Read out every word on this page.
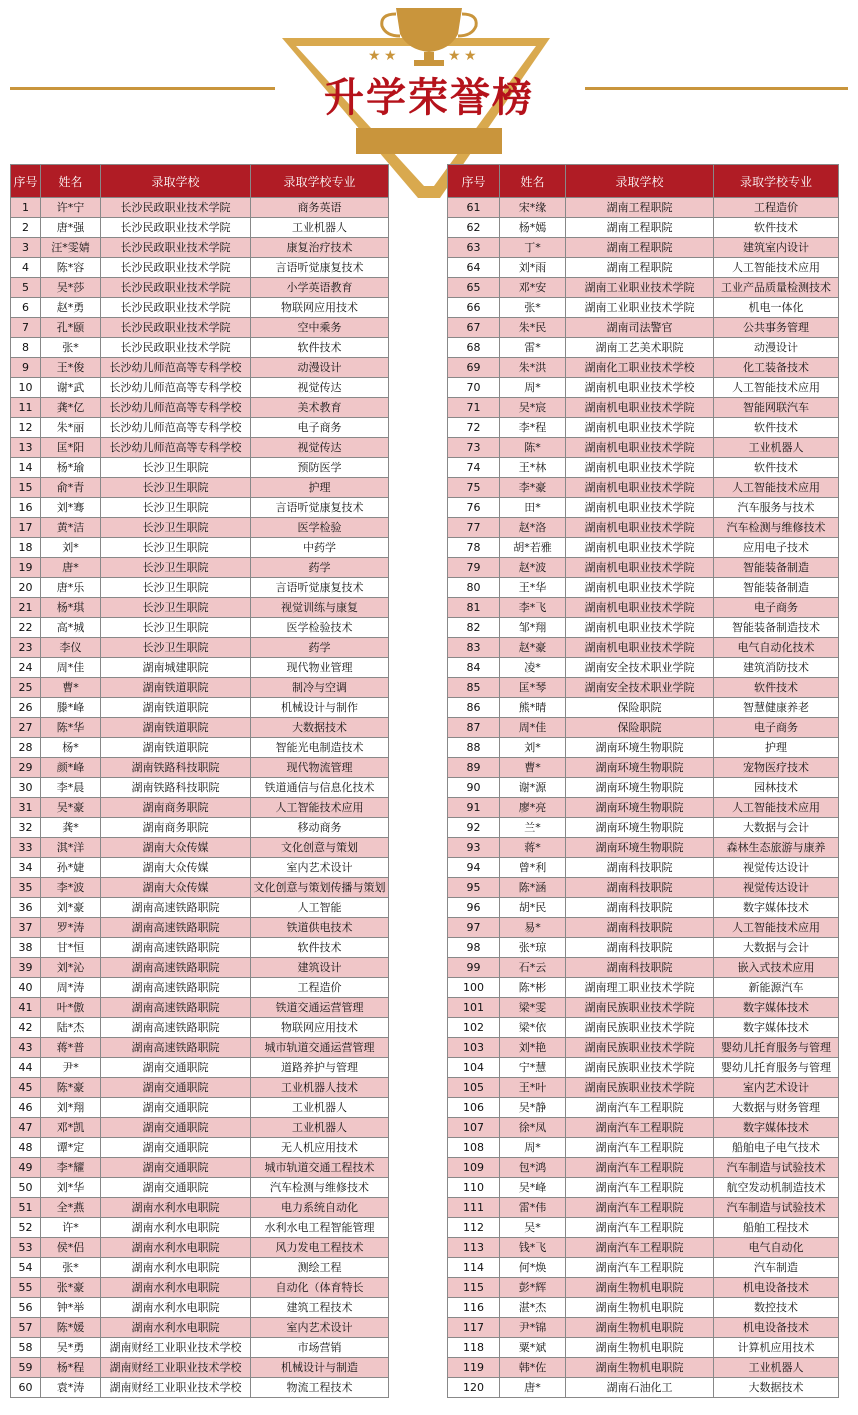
★ ★	★ ★
升学荣誉榜
序号	姓名	录取学校	录取学校专业
1	许*宁	长沙民政职业技术学院	商务英语
2	唐*强	长沙民政职业技术学院	工业机器人
3	汪*雯婧	长沙民政职业技术学院	康复治疗技术
4	陈*容	长沙民政职业技术学院	言语听觉康复技术
5	吴*莎	长沙民政职业技术学院	小学英语教育
6	赵*勇	长沙民政职业技术学院	物联网应用技术
7	孔*颐	长沙民政职业技术学院	空中乘务
8	张*	长沙民政职业技术学院	软件技术
9	王*俊	长沙幼儿师范高等专科学校	动漫设计
10	谢*武	长沙幼儿师范高等专科学校	视觉传达
11	龚*亿	长沙幼儿师范高等专科学校	美术教育
12	朱*丽	长沙幼儿师范高等专科学校	电子商务
13	匡*阳	长沙幼儿师范高等专科学校	视觉传达
14	杨*瑜	长沙卫生职院	预防医学
15	俞*青	长沙卫生职院	护理
16	刘*骞	长沙卫生职院	言语听觉康复技术
17	黄*洁	长沙卫生职院	医学检验
18	刘*	长沙卫生职院	中药学
19	唐*	长沙卫生职院	药学
20	唐*乐	长沙卫生职院	言语听觉康复技术
21	杨*琪	长沙卫生职院	视觉训练与康复
22	高*城	长沙卫生职院	医学检验技术
23	李仪	长沙卫生职院	药学
24	周*佳	湖南城建职院	现代物业管理
25	曹*	湖南铁道职院	制冷与空调
26	滕*峰	湖南铁道职院	机械设计与制作
27	陈*华	湖南铁道职院	大数据技术
28	杨*	湖南铁道职院	智能光电制造技术
29	颜*峰	湖南铁路科技职院	现代物流管理
30	李*晨	湖南铁路科技职院	铁道通信与信息化技术
31	吴*豪	湖南商务职院	人工智能技术应用
32	龚*	湖南商务职院	移动商务
33	淇*洋	湖南大众传媒	文化创意与策划
34	孙*婕	湖南大众传媒	室内艺术设计
35	李*波	湖南大众传媒	文化创意与策划传播与策划
36	刘*豪	湖南高速铁路职院	人工智能
37	罗*涛	湖南高速铁路职院	铁道供电技术
38	甘*恒	湖南高速铁路职院	软件技术
39	刘*沁	湖南高速铁路职院	建筑设计
40	周*涛	湖南高速铁路职院	工程造价
41	叶*傲	湖南高速铁路职院	铁道交通运营管理
42	陆*杰	湖南高速铁路职院	物联网应用技术
43	蒋*普	湖南高速铁路职院	城市轨道交通运营管理
44	尹*	湖南交通职院	道路养护与管理
45	陈*豪	湖南交通职院	工业机器人技术
46	刘*翔	湖南交通职院	工业机器人
47	邓*凯	湖南交通职院	工业机器人
48	谭*定	湖南交通职院	无人机应用技术
49	李*耀	湖南交通职院	城市轨道交通工程技术
50	刘*华	湖南交通职院	汽车检测与维修技术
51	全*燕	湖南水利水电职院	电力系统自动化
52	许*	湖南水利水电职院	水利水电工程智能管理
53	侯*侣	湖南水利水电职院	风力发电工程技术
54	张*	湖南水利水电职院	测绘工程
55	张*豪	湖南水利水电职院	自动化（体育特长
56	钟*举	湖南水利水电职院	建筑工程技术
57	陈*媛	湖南水利水电职院	室内艺术设计
58	吴*勇	湖南财经工业职业技术学校	市场营销
59	杨*程	湖南财经工业职业技术学校	机械设计与制造
60	袁*涛	湖南财经工业职业技术学校	物流工程技术
序号	姓名	录取学校	录取学校专业
61	宋*缘	湖南工程职院	工程造价
62	杨*嫣	湖南工程职院	软件技术
63	丁*	湖南工程职院	建筑室内设计
64	刘*雨	湖南工程职院	人工智能技术应用
65	邓*安	湖南工业职业技术学院	工业产品质量检测技术
66	张*	湖南工业职业技术学院	机电一体化
67	朱*民	湖南司法警官	公共事务管理
68	雷*	湖南工艺美术职院	动漫设计
69	朱*洪	湖南化工职业技术学校	化工装备技术
70	周*	湖南机电职业技术学校	人工智能技术应用
71	吴*宸	湖南机电职业技术学院	智能网联汽车
72	李*程	湖南机电职业技术学院	软件技术
73	陈*	湖南机电职业技术学院	工业机器人
74	王*林	湖南机电职业技术学院	软件技术
75	李*豪	湖南机电职业技术学院	人工智能技术应用
76	田*	湖南机电职业技术学院	汽车服务与技术
77	赵*洛	湖南机电职业技术学院	汽车检测与维修技术
78	胡*若雅	湖南机电职业技术学院	应用电子技术
79	赵*波	湖南机电职业技术学院	智能装备制造
80	王*华	湖南机电职业技术学院	智能装备制造
81	李*飞	湖南机电职业技术学院	电子商务
82	邹*翔	湖南机电职业技术学院	智能装备制造技术
83	赵*豪	湖南机电职业技术学院	电气自动化技术
84	凌*	湖南安全技术职业学院	建筑消防技术
85	匡*琴	湖南安全技术职业学院	软件技术
86	熊*晴	保险职院	智慧健康养老
87	周*佳	保险职院	电子商务
88	刘*	湖南环境生物职院	护理
89	曹*	湖南环境生物职院	宠物医疗技术
90	谢*源	湖南环境生物职院	园林技术
91	廖*亮	湖南环境生物职院	人工智能技术应用
92	兰*	湖南环境生物职院	大数据与会计
93	蒋*	湖南环境生物职院	森林生态旅游与康养
94	曾*利	湖南科技职院	视觉传达设计
95	陈*涵	湖南科技职院	视觉传达设计
96	胡*民	湖南科技职院	数字媒体技术
97	易*	湖南科技职院	人工智能技术应用
98	张*琼	湖南科技职院	大数据与会计
99	石*云	湖南科技职院	嵌入式技术应用
100	陈*彬	湖南理工职业技术学院	新能源汽车
101	梁*雯	湖南民族职业技术学院	数字媒体技术
102	梁*依	湖南民族职业技术学院	数字媒体技术
103	刘*艳	湖南民族职业技术学院	婴幼儿托育服务与管理
104	宁*慧	湖南民族职业技术学院	婴幼儿托育服务与管理
105	王*叶	湖南民族职业技术学院	室内艺术设计
106	吴*静	湖南汽车工程职院	大数据与财务管理
107	徐*凤	湖南汽车工程职院	数字媒体技术
108	周*	湖南汽车工程职院	船舶电子电气技术
109	包*鸿	湖南汽车工程职院	汽车制造与试验技术
110	吴*峰	湖南汽车工程职院	航空发动机制造技术
111	雷*伟	湖南汽车工程职院	汽车制造与试验技术
112	吴*	湖南汽车工程职院	船舶工程技术
113	钱*飞	湖南汽车工程职院	电气自动化
114	何*焕	湖南汽车工程职院	汽车制造
115	彭*辉	湖南生物机电职院	机电设备技术
116	湛*杰	湖南生物机电职院	数控技术
117	尹*锦	湖南生物机电职院	机电设备技术
118	粟*斌	湖南生物机电职院	计算机应用技术
119	韩*佐	湖南生物机电职院	工业机器人
120	唐*	湖南石油化工	大数据技术
